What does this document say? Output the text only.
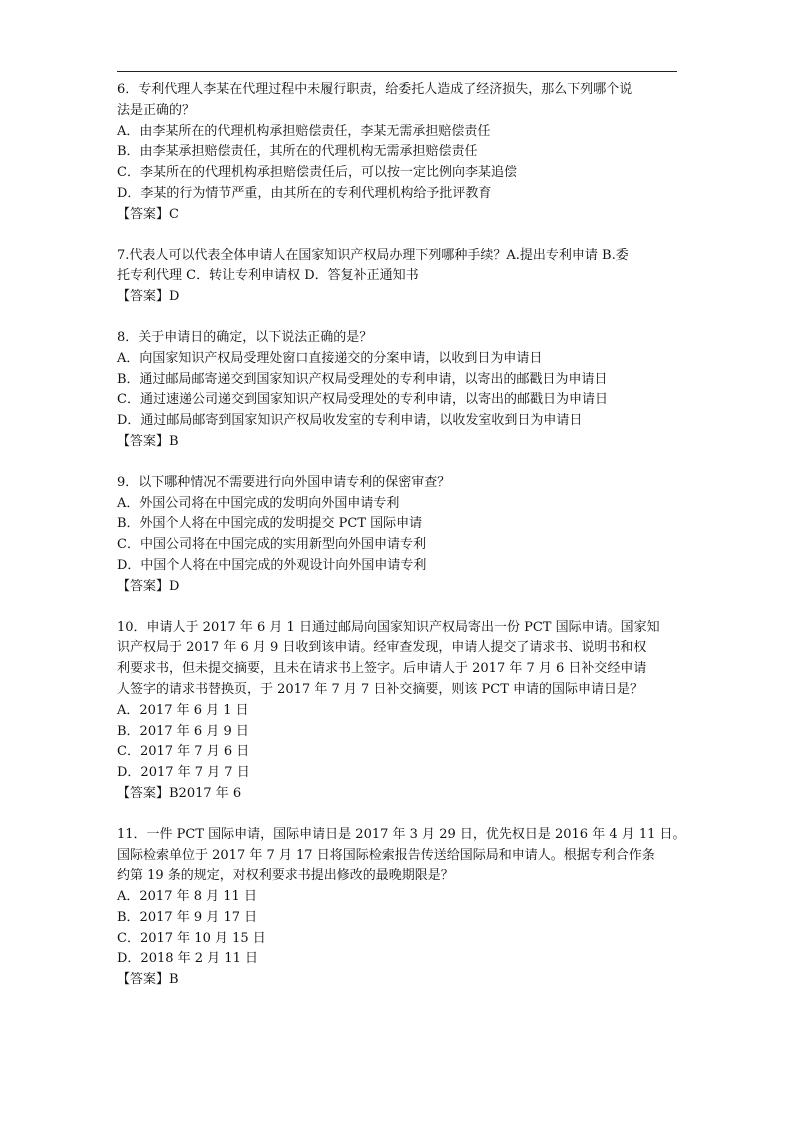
6．专利代理人李某在代理过程中未履行职责，给委托人造成了经济损失，那么下列哪个说
法是正确的？
A．由李某所在的代理机构承担赔偿责任，李某无需承担赔偿责任
B．由李某承担赔偿责任，其所在的代理机构无需承担赔偿责任
C．李某所在的代理机构承担赔偿责任后，可以按一定比例向李某追偿
D．李某的行为情节严重，由其所在的专利代理机构给予批评教育
【答案】C
7.代表人可以代表全体申请人在国家知识产权局办理下列哪种手续？A.提出专利申请 B.委
托专利代理 C．转让专利申请权 D．答复补正通知书
【答案】D
8．关于申请日的确定，以下说法正确的是？
A．向国家知识产权局受理处窗口直接递交的分案申请，以收到日为申请日
B．通过邮局邮寄递交到国家知识产权局受理处的专利申请，以寄出的邮戳日为申请日
C．通过速递公司递交到国家知识产权局受理处的专利申请，以寄出的邮戳日为申请日
D．通过邮局邮寄到国家知识产权局收发室的专利申请，以收发室收到日为申请日
【答案】B
9．以下哪种情况不需要进行向外国申请专利的保密审查？
A．外国公司将在中国完成的发明向外国申请专利
B．外国个人将在中国完成的发明提交 PCT 国际申请
C．中国公司将在中国完成的实用新型向外国申请专利
D．中国个人将在中国完成的外观设计向外国申请专利
【答案】D
10．申请人于 2017 年 6 月 1 日通过邮局向国家知识产权局寄出一份 PCT 国际申请。国家知
识产权局于 2017 年 6 月 9 日收到该申请。经审查发现，申请人提交了请求书、说明书和权
利要求书，但未提交摘要，且未在请求书上签字。后申请人于 2017 年 7 月 6 日补交经申请
人签字的请求书替换页，于 2017 年 7 月 7 日补交摘要，则该 PCT 申请的国际申请日是？
A．2017 年 6 月 1 日
B．2017 年 6 月 9 日
C．2017 年 7 月 6 日
D．2017 年 7 月 7 日
【答案】B2017 年 6
11．一件 PCT 国际申请，国际申请日是 2017 年 3 月 29 日，优先权日是 2016 年 4 月 11 日。
国际检索单位于 2017 年 7 月 17 日将国际检索报告传送给国际局和申请人。根据专利合作条
约第 19 条的规定，对权利要求书提出修改的最晚期限是？
A．2017 年 8 月 11 日
B．2017 年 9 月 17 日
C．2017 年 10 月 15 日
D．2018 年 2 月 11 日
【答案】B
